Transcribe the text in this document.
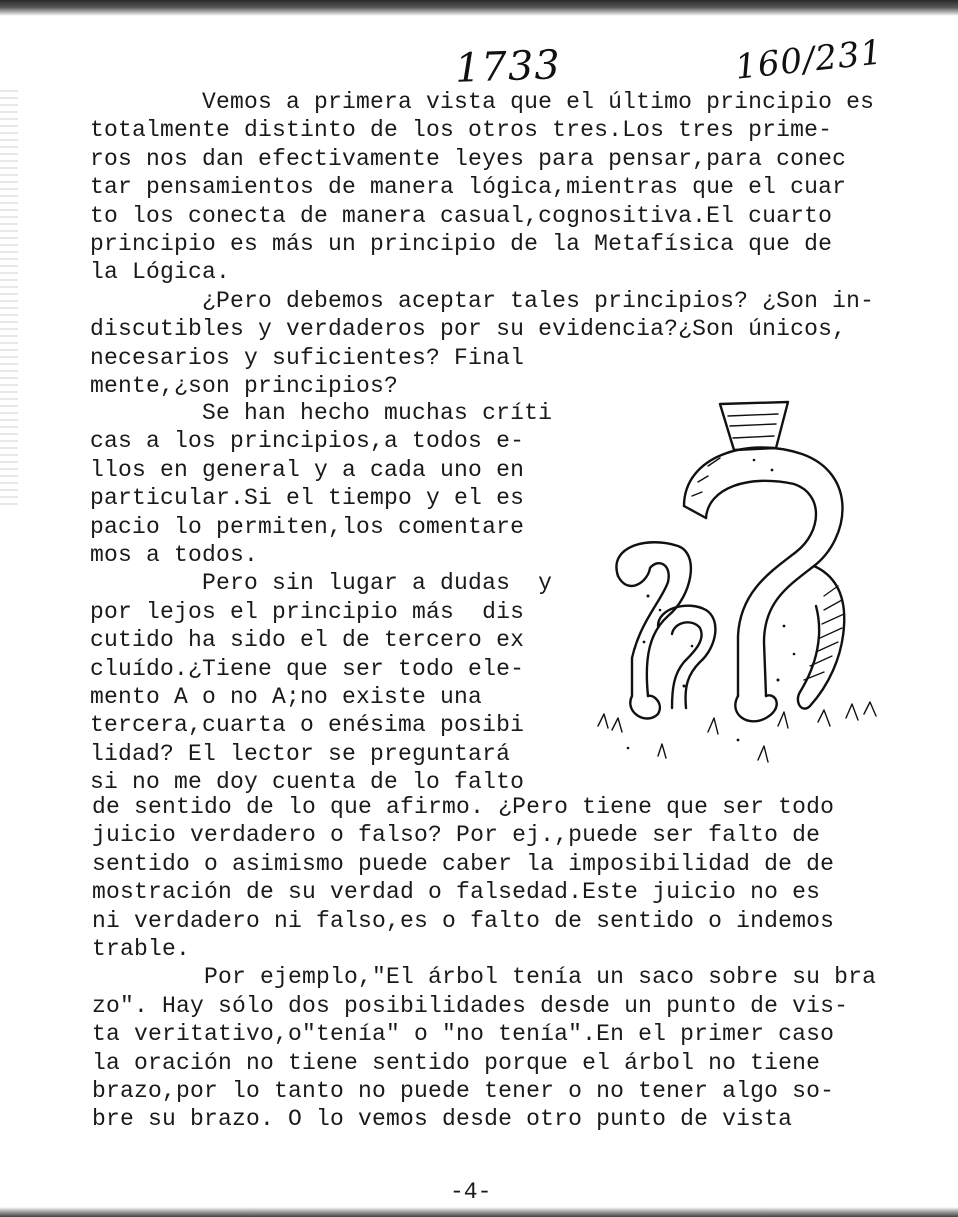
1733	160/231
Vemos a primera vista que el último principio es
totalmente distinto de los otros tres.Los tres prime-
ros nos dan efectivamente leyes para pensar,para conec
tar pensamientos de manera lógica,mientras que el cuar
to los conecta de manera casual,cognositiva.El cuarto
principio es más un principio de la Metafísica que de
la Lógica.
¿Pero debemos aceptar tales principios? ¿Son in-
discutibles y verdaderos por su evidencia?¿Son únicos,
necesarios y suficientes? Final
mente,¿son principios?
Se han hecho muchas críti
cas a los principios,a todos e-
llos en general y a cada uno en
particular.Si el tiempo y el es
pacio lo permiten,los comentare
mos a todos.
Pero sin lugar a dudas  y
por lejos el principio más  dis
cutido ha sido el de tercero ex
cluído.¿Tiene que ser todo ele-
mento A o no A;no existe una
tercera,cuarta o enésima posibi
lidad? El lector se preguntará
si no me doy cuenta de lo falto
de sentido de lo que afirmo. ¿Pero tiene que ser todo
juicio verdadero o falso? Por ej.,puede ser falto de
sentido o asimismo puede caber la imposibilidad de de
mostración de su verdad o falsedad.Este juicio no es
ni verdadero ni falso,es o falto de sentido o indemos
trable.
Por ejemplo,"El árbol tenía un saco sobre su bra
zo". Hay sólo dos posibilidades desde un punto de vis-
ta veritativo,o"tenía" o "no tenía".En el primer caso
la oración no tiene sentido porque el árbol no tiene
brazo,por lo tanto no puede tener o no tener algo so-
bre su brazo. O lo vemos desde otro punto de vista
-4-
